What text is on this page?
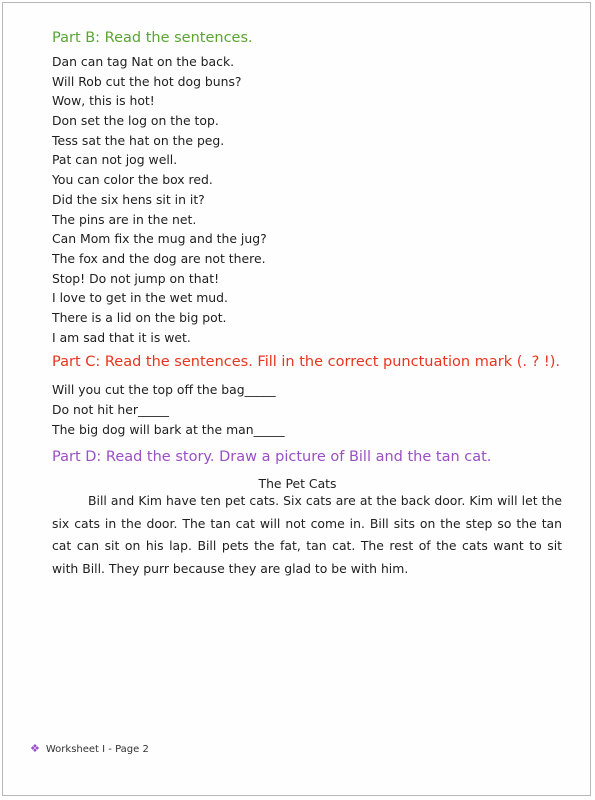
Part B: Read the sentences.
Dan can tag Nat on the back.
Will Rob cut the hot dog buns?
Wow, this is hot!
Don set the log on the top.
Tess sat the hat on the peg.
Pat can not jog well.
You can color the box red.
Did the six hens sit in it?
The pins are in the net.
Can Mom fix the mug and the jug?
The fox and the dog are not there.
Stop! Do not jump on that!
I love to get in the wet mud.
There is a lid on the big pot.
I am sad that it is wet.
Part C: Read the sentences. Fill in the correct punctuation mark (. ? !).
Will you cut the top off the bag_____
Do not hit her_____
The big dog will bark at the man_____
Part D: Read the story. Draw a picture of Bill and the tan cat.
The Pet Cats

Bill and Kim have ten pet cats. Six cats are at the back door. Kim will let the six cats in the door. The tan cat will not come in. Bill sits on the step so the tan cat can sit on his lap. Bill pets the fat, tan cat. The rest of the cats want to sit with Bill. They purr because they are glad to be with him.

❖ Worksheet I - Page 2
